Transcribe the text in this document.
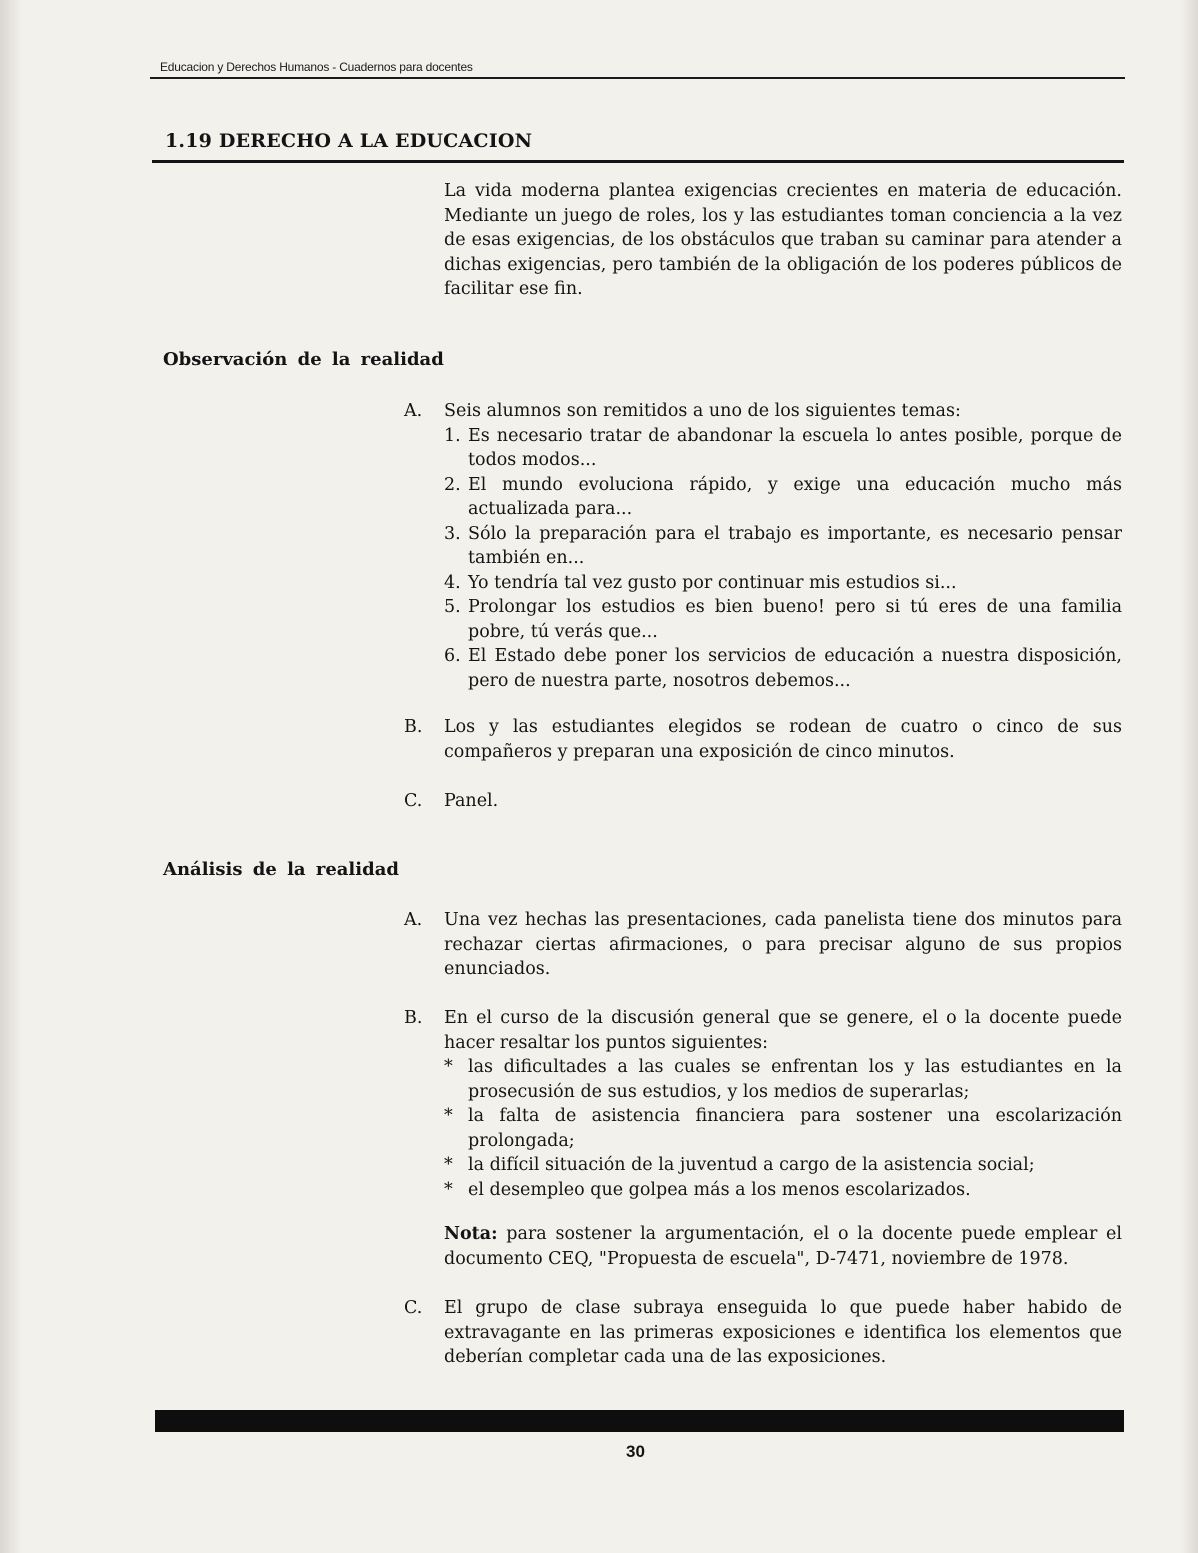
Educacion y Derechos Humanos - Cuadernos para docentes
1.19 DERECHO A LA EDUCACION
La vida moderna plantea exigencias crecientes en materia de educación. Mediante un juego de roles, los y las estudiantes toman conciencia a la vez de esas exigencias, de los obstáculos que traban su caminar para atender a dichas exigencias, pero también de la obligación de los poderes públicos de facilitar ese fin.
Observación de la realidad
A.	Seis alumnos son remitidos a uno de los siguientes temas:
1. Es necesario tratar de abandonar la escuela lo antes posible, porque de todos modos...
2. El mundo evoluciona rápido, y exige una educación mucho más actualizada para...
3. Sólo la preparación para el trabajo es importante, es necesario pensar también en...
4. Yo tendría tal vez gusto por continuar mis estudios si...
5. Prolongar los estudios es bien bueno! pero si tú eres de una familia pobre, tú verás que...
6. El Estado debe poner los servicios de educación a nuestra disposición, pero de nuestra parte, nosotros debemos...
B.	Los y las estudiantes elegidos se rodean de cuatro o cinco de sus compañeros y preparan una exposición de cinco minutos.
C.	Panel.
Análisis de la realidad
A.	Una vez hechas las presentaciones, cada panelista tiene dos minutos para rechazar ciertas afirmaciones, o para precisar alguno de sus propios enunciados.
B.	En el curso de la discusión general que se genere, el o la docente puede hacer resaltar los puntos siguientes:
* las dificultades a las cuales se enfrentan los y las estudiantes en la prosecusión de sus estudios, y los medios de superarlas;
* la falta de asistencia financiera para sostener una escolarización prolongada;
* la difícil situación de la juventud a cargo de la asistencia social;
* el desempleo que golpea más a los menos escolarizados.
Nota: para sostener la argumentación, el o la docente puede emplear el documento CEQ, "Propuesta de escuela", D-7471, noviembre de 1978.
C.	El grupo de clase subraya enseguida lo que puede haber habido de extravagante en las primeras exposiciones e identifica los elementos que deberían completar cada una de las exposiciones.
30
